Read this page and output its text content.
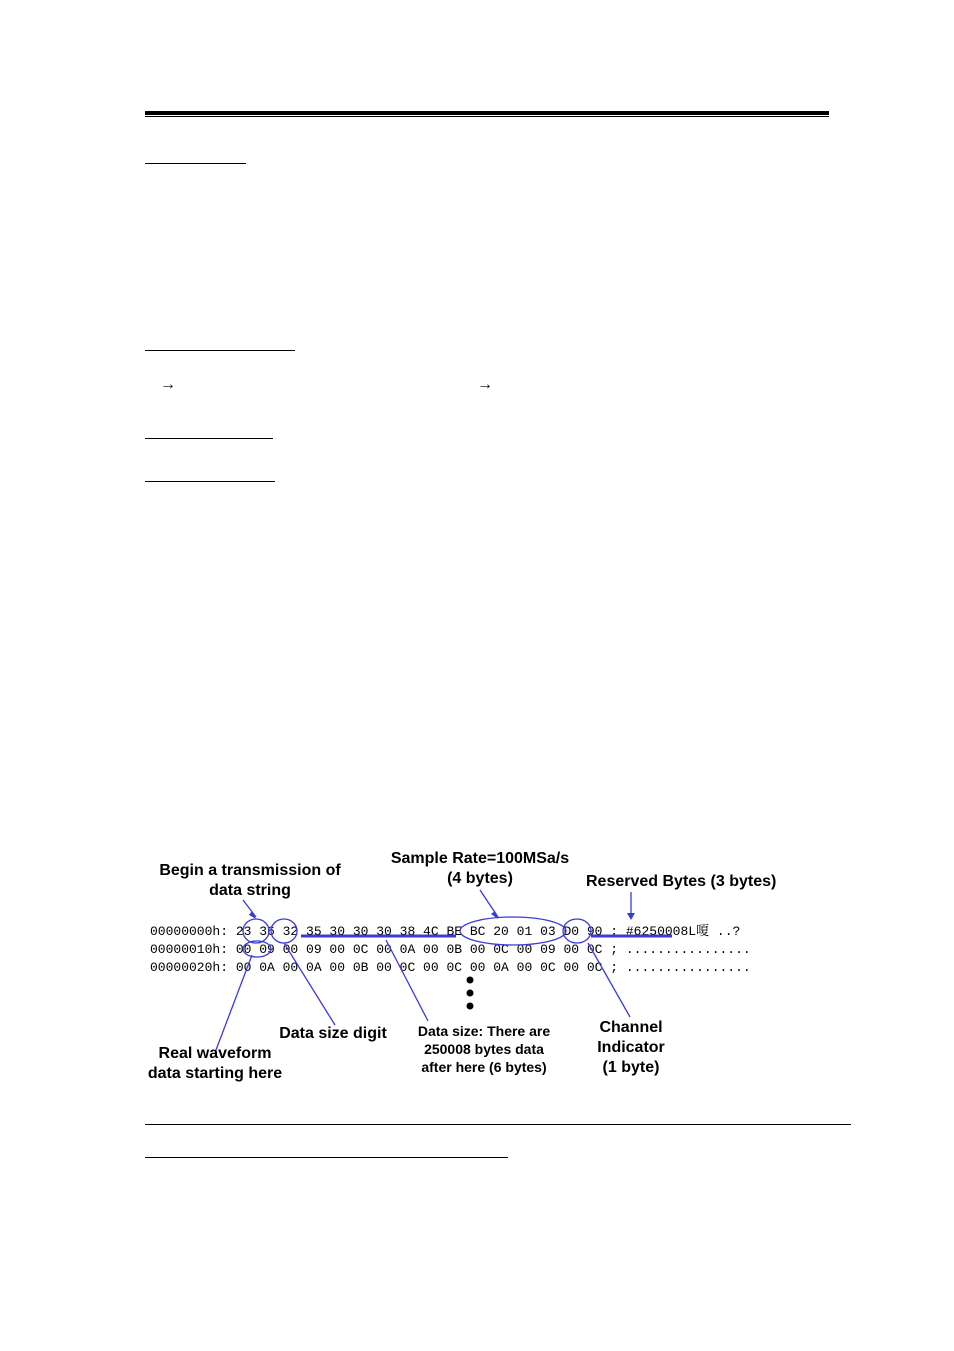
→	→
Begin a transmission of
data string
Sample Rate=100MSa/s
(4 bytes)	Reserved Bytes (3 bytes)
00000000h: 23 36 32 35 30 30 30 38 4C BE BC 20 01 03 D0 90 ; #6250008L嗄 ..?
00000010h: 00 09 00 09 00 0C 00 0A 00 0B 00 0C 00 09 00 0C ; ................
00000020h: 00 0A 00 0A 00 0B 00 0C 00 0C 00 0A 00 0C 00 0C ; ................
Real waveform
data starting here
Data size digit	Data size: There are
250008 bytes data
after here (6 bytes)
Channel
Indicator
(1 byte)
